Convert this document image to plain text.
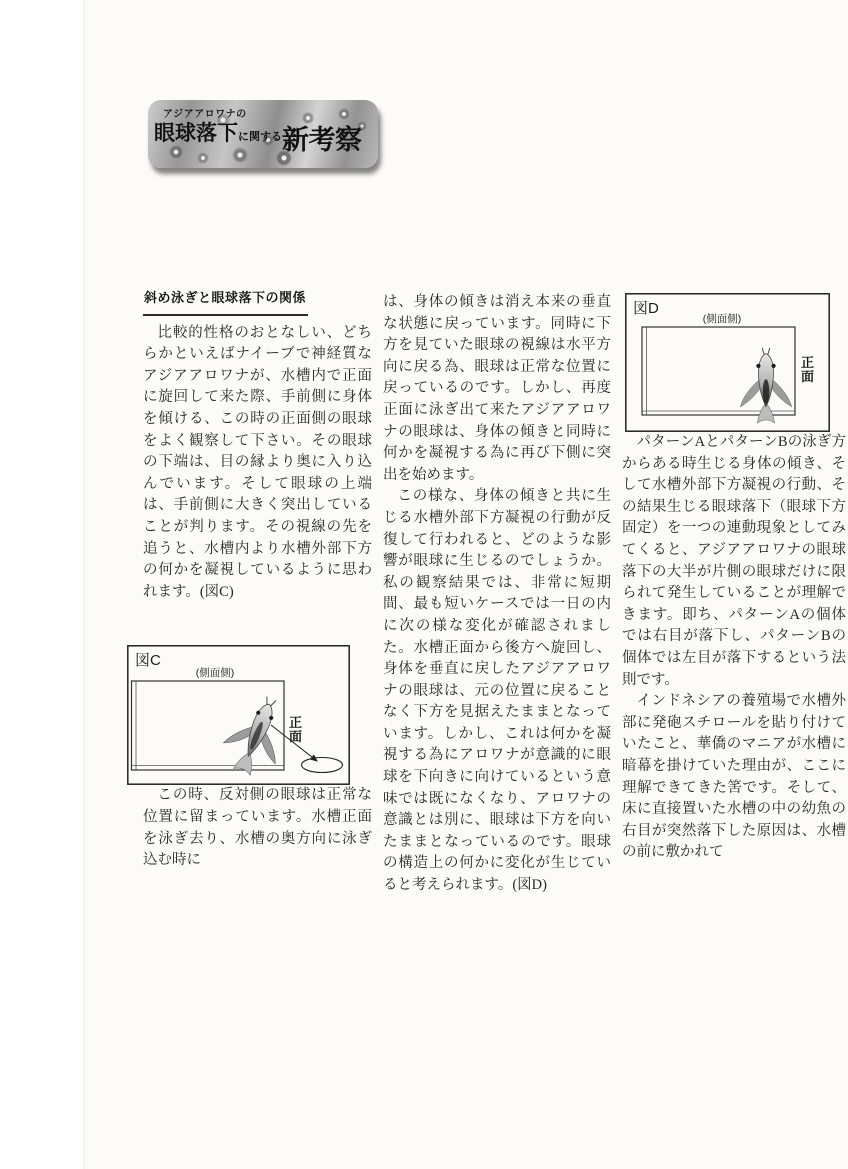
アジアアロワナの
眼球落下に関する新考察
斜め泳ぎと眼球落下の関係

比較的性格のおとなしい、どちらかといえばナイーブで神経質なアジアアロワナが、水槽内で正面に旋回して来た際、手前側に身体を傾ける、この時の正面側の眼球をよく観察して下さい。その眼球の下端は、目の縁より奥に入り込んでいます。そして眼球の上端は、手前側に大きく突出していることが判ります。その視線の先を追うと、水槽内より水槽外部下方の何かを凝視しているように思われます。(図C)

図C
(側面側)
正
面

この時、反対側の眼球は正常な位置に留まっています。水槽正面を泳ぎ去り、水槽の奥方向に泳ぎ込む時に

は、身体の傾きは消え本来の垂直な状態に戻っています。同時に下方を見ていた眼球の視線は水平方向に戻る為、眼球は正常な位置に戻っているのです。しかし、再度正面に泳ぎ出て来たアジアアロワナの眼球は、身体の傾きと同時に何かを凝視する為に再び下側に突出を始めます。

この様な、身体の傾きと共に生じる水槽外部下方凝視の行動が反復して行われると、どのような影響が眼球に生じるのでしょうか。私の観察結果では、非常に短期間、最も短いケースでは一日の内に次の様な変化が確認されました。水槽正面から後方へ旋回し、身体を垂直に戻したアジアアロワナの眼球は、元の位置に戻ることなく下方を見据えたままとなっています。しかし、これは何かを凝視する為にアロワナが意識的に眼球を下向きに向けているという意味では既になくなり、アロワナの意識とは別に、眼球は下方を向いたままとなっているのです。眼球の構造上の何かに変化が生じていると考えられます。(図D)

図D
(側面側)
正
面

パターンAとパターンBの泳ぎ方からある時生じる身体の傾き、そして水槽外部下方凝視の行動、その結果生じる眼球落下（眼球下方固定）を一つの連動現象としてみてくると、アジアアロワナの眼球落下の大半が片側の眼球だけに限られて発生していることが理解できます。即ち、パターンAの個体では右目が落下し、パターンBの個体では左目が落下するという法則です。

インドネシアの養殖場で水槽外部に発砲スチロールを貼り付けていたこと、華僑のマニアが水槽に暗幕を掛けていた理由が、ここに理解できてきた筈です。そして、床に直接置いた水槽の中の幼魚の右目が突然落下した原因は、水槽の前に敷かれて
